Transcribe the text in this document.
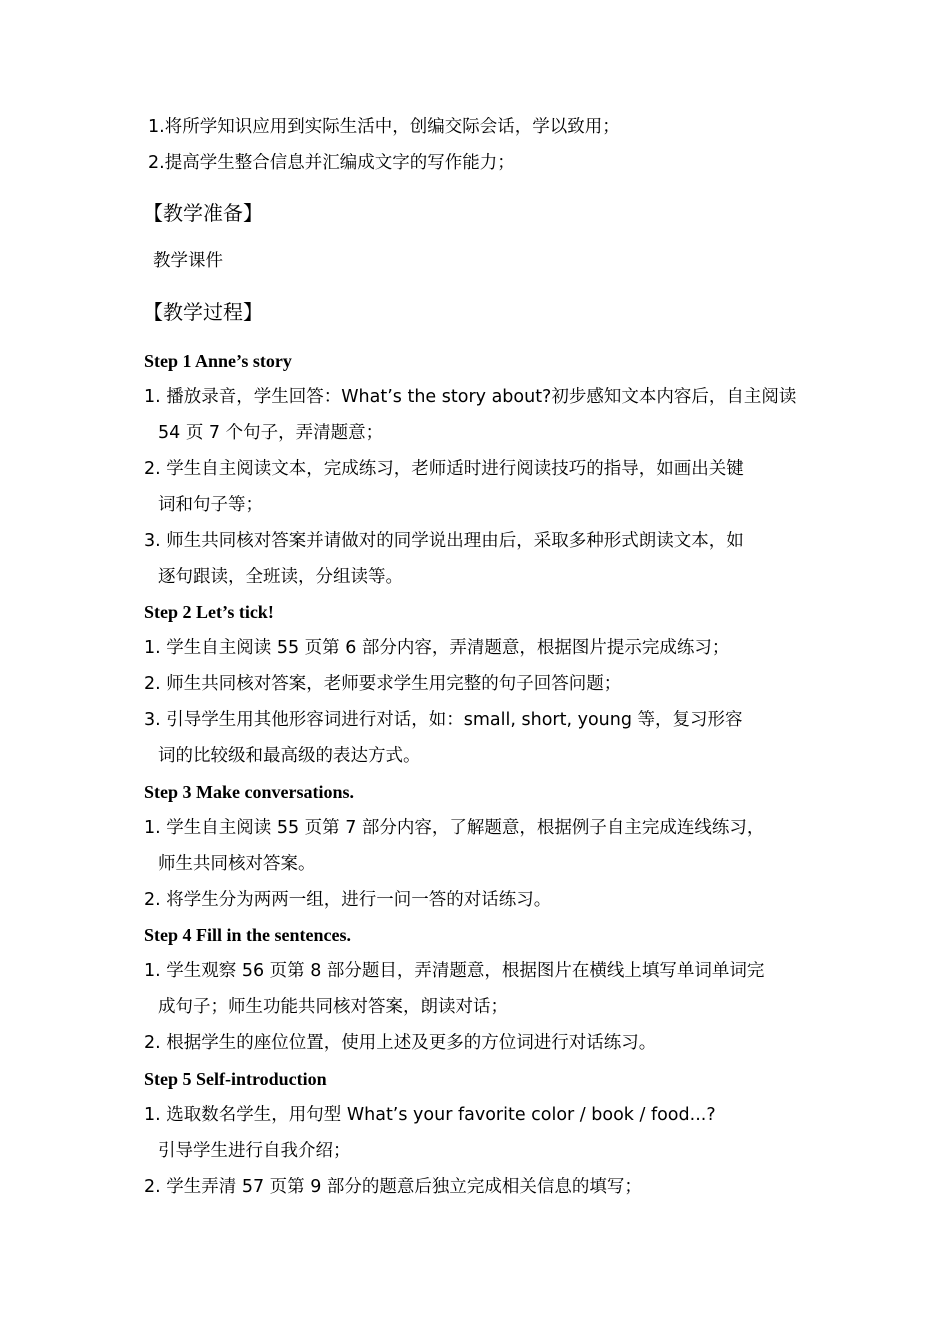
1.将所学知识应用到实际生活中，创编交际会话，学以致用；
2.提高学生整合信息并汇编成文字的写作能力；
【教学准备】
教学课件
【教学过程】
Step 1 Anne’s story
1. 播放录音，学生回答：What’s the story about?初步感知文本内容后，自主阅读
54 页 7 个句子，弄清题意；
2. 学生自主阅读文本，完成练习，老师适时进行阅读技巧的指导，如画出关键
词和句子等；
3. 师生共同核对答案并请做对的同学说出理由后，采取多种形式朗读文本，如
逐句跟读，全班读，分组读等。
Step 2 Let’s tick!
1. 学生自主阅读 55 页第 6 部分内容，弄清题意，根据图片提示完成练习；
2. 师生共同核对答案，老师要求学生用完整的句子回答问题；
3. 引导学生用其他形容词进行对话，如：small, short, young 等，复习形容
词的比较级和最高级的表达方式。
Step 3 Make conversations.
1. 学生自主阅读 55 页第 7 部分内容，了解题意，根据例子自主完成连线练习，
师生共同核对答案。
2. 将学生分为两两一组，进行一问一答的对话练习。
Step 4 Fill in the sentences.
1. 学生观察 56 页第 8 部分题目，弄清题意，根据图片在横线上填写单词单词完
成句子；师生功能共同核对答案，朗读对话；
2. 根据学生的座位位置，使用上述及更多的方位词进行对话练习。
Step 5 Self-introduction
1. 选取数名学生，用句型 What’s your favorite color / book / food...?
引导学生进行自我介绍；
2. 学生弄清 57 页第 9 部分的题意后独立完成相关信息的填写；
